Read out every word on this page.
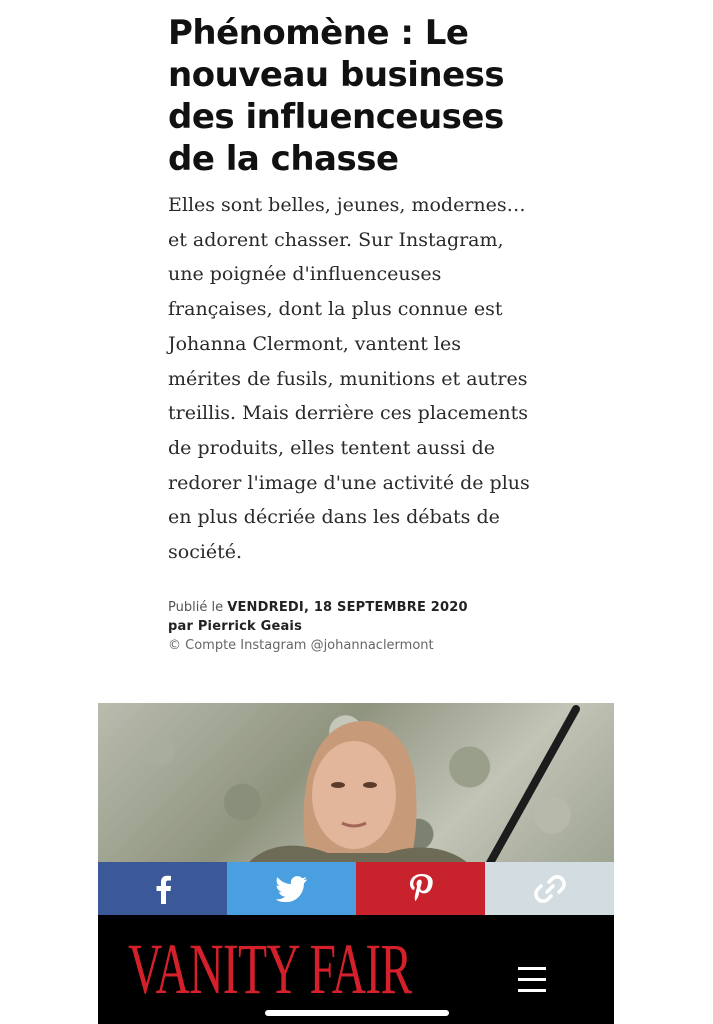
Phénomène : Le
nouveau business
des influenceuses
de la chasse

Elles sont belles, jeunes, modernes…
et adorent chasser. Sur Instagram,
une poignée d'influenceuses
françaises, dont la plus connue est
Johanna Clermont, vantent les
mérites de fusils, munitions et autres
treillis. Mais derrière ces placements
de produits, elles tentent aussi de
redorer l'image d'une activité de plus
en plus décriée dans les débats de
société.

Publié le VENDREDI, 18 SEPTEMBRE 2020
par Pierrick Geais
© Compte Instagram @johannaclermont
VANITY FAIR
